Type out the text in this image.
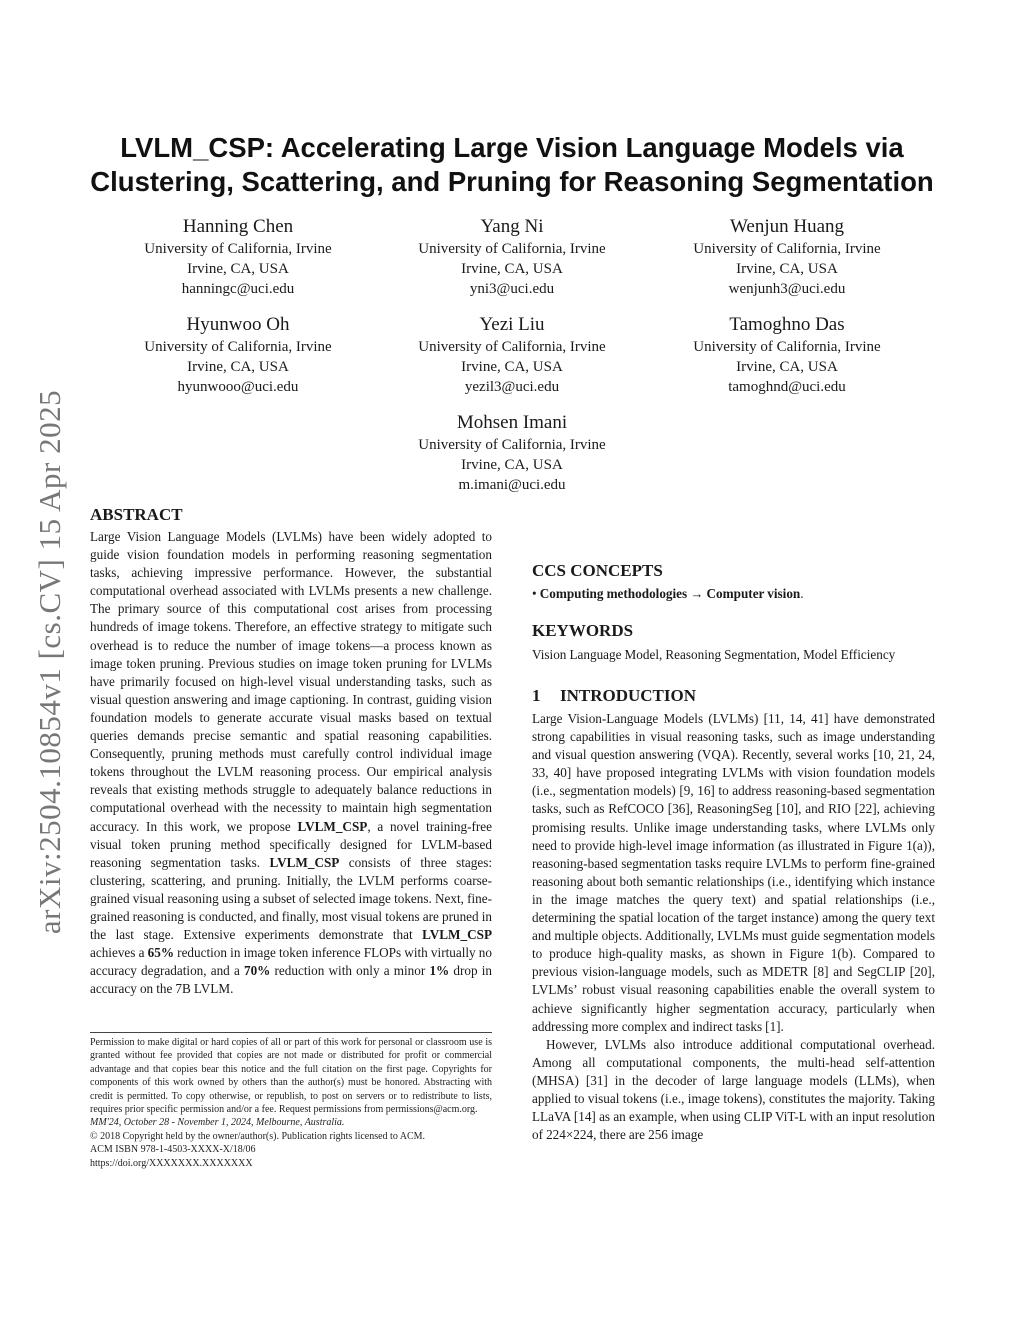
arXiv:2504.10854v1 [cs.CV] 15 Apr 2025
LVLM_CSP: Accelerating Large Vision Language Models via
Clustering, Scattering, and Pruning for Reasoning Segmentation
Hanning Chen
University of California, Irvine
Irvine, CA, USA
hanningc@uci.edu
Yang Ni
University of California, Irvine
Irvine, CA, USA
yni3@uci.edu
Wenjun Huang
University of California, Irvine
Irvine, CA, USA
wenjunh3@uci.edu
Hyunwoo Oh
University of California, Irvine
Irvine, CA, USA
hyunwooo@uci.edu
Yezi Liu
University of California, Irvine
Irvine, CA, USA
yezil3@uci.edu
Tamoghno Das
University of California, Irvine
Irvine, CA, USA
tamoghnd@uci.edu
Mohsen Imani
University of California, Irvine
Irvine, CA, USA
m.imani@uci.edu
ABSTRACT

Large Vision Language Models (LVLMs) have been widely adopted to guide vision foundation models in performing reasoning segmentation tasks, achieving impressive performance. However, the substantial computational overhead associated with LVLMs presents a new challenge. The primary source of this computational cost arises from processing hundreds of image tokens. Therefore, an effective strategy to mitigate such overhead is to reduce the number of image tokens—a process known as image token pruning. Previous studies on image token pruning for LVLMs have primarily focused on high-level visual understanding tasks, such as visual question answering and image captioning. In contrast, guiding vision foundation models to generate accurate visual masks based on textual queries demands precise semantic and spatial reasoning capabilities. Consequently, pruning methods must carefully control individual image tokens throughout the LVLM reasoning process. Our empirical analysis reveals that existing methods struggle to adequately balance reductions in computational overhead with the necessity to maintain high segmentation accuracy. In this work, we propose LVLM_CSP, a novel training-free visual token pruning method specifically designed for LVLM-based reasoning segmentation tasks. LVLM_CSP consists of three stages: clustering, scattering, and pruning. Initially, the LVLM performs coarse-grained visual reasoning using a subset of selected image tokens. Next, fine-grained reasoning is conducted, and finally, most visual tokens are pruned in the last stage. Extensive experiments demonstrate that LVLM_CSP achieves a 65% reduction in image token inference FLOPs with virtually no accuracy degradation, and a 70% reduction with only a minor 1% drop in accuracy on the 7B LVLM.

Permission to make digital or hard copies of all or part of this work for personal or classroom use is granted without fee provided that copies are not made or distributed for profit or commercial advantage and that copies bear this notice and the full citation on the first page. Copyrights for components of this work owned by others than the author(s) must be honored. Abstracting with credit is permitted. To copy otherwise, or republish, to post on servers or to redistribute to lists, requires prior specific permission and/or a fee. Request permissions from permissions@acm.org.

MM'24, October 28 - November 1, 2024, Melbourne, Australia.

© 2018 Copyright held by the owner/author(s). Publication rights licensed to ACM.

ACM ISBN 978-1-4503-XXXX-X/18/06

https://doi.org/XXXXXXX.XXXXXXX

CCS CONCEPTS

• Computing methodologies → Computer vision.

KEYWORDS

Vision Language Model, Reasoning Segmentation, Model Efficiency

1 INTRODUCTION

Large Vision-Language Models (LVLMs) [11, 14, 41] have demonstrated strong capabilities in visual reasoning tasks, such as image understanding and visual question answering (VQA). Recently, several works [10, 21, 24, 33, 40] have proposed integrating LVLMs with vision foundation models (i.e., segmentation models) [9, 16] to address reasoning-based segmentation tasks, such as RefCOCO [36], ReasoningSeg [10], and RIO [22], achieving promising results. Unlike image understanding tasks, where LVLMs only need to provide high-level image information (as illustrated in Figure 1(a)), reasoning-based segmentation tasks require LVLMs to perform fine-grained reasoning about both semantic relationships (i.e., identifying which instance in the image matches the query text) and spatial relationships (i.e., determining the spatial location of the target instance) among the query text and multiple objects. Additionally, LVLMs must guide segmentation models to produce high-quality masks, as shown in Figure 1(b). Compared to previous vision-language models, such as MDETR [8] and SegCLIP [20], LVLMs’ robust visual reasoning capabilities enable the overall system to achieve significantly higher segmentation accuracy, particularly when addressing more complex and indirect tasks [1].

However, LVLMs also introduce additional computational overhead. Among all computational components, the multi-head self-attention (MHSA) [31] in the decoder of large language models (LLMs), when applied to visual tokens (i.e., image tokens), constitutes the majority. Taking LLaVA [14] as an example, when using CLIP ViT-L with an input resolution of 224×224, there are 256 image
